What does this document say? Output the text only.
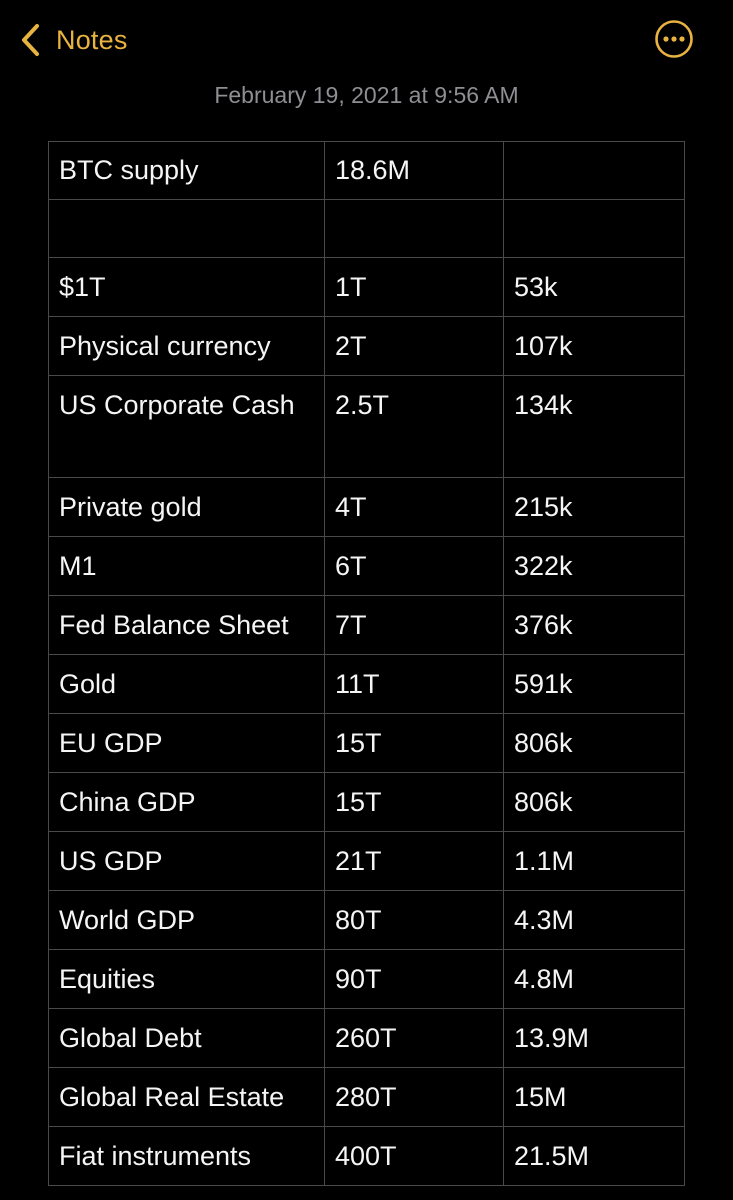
Notes
February 19, 2021 at 9:56 AM
BTC supply	18.6M	

$1T	1T	53k
Physical currency	2T	107k
US Corporate Cash	2.5T	134k
Private gold	4T	215k
M1	6T	322k
Fed Balance Sheet	7T	376k
Gold	11T	591k
EU GDP	15T	806k
China GDP	15T	806k
US GDP	21T	1.1M
World GDP	80T	4.3M
Equities	90T	4.8M
Global Debt	260T	13.9M
Global Real Estate	280T	15M
Fiat instruments	400T	21.5M
